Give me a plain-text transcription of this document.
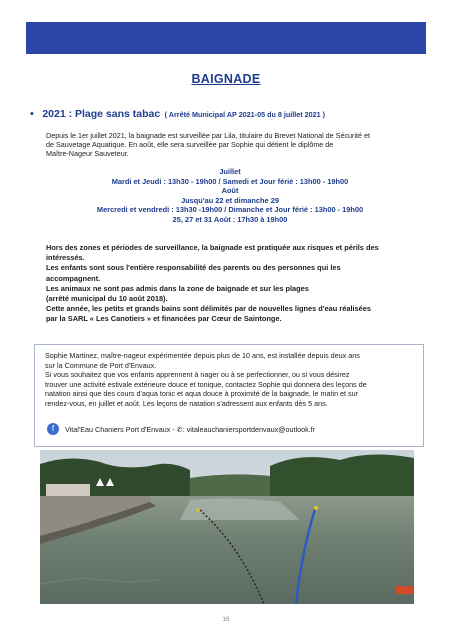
BAIGNADE
• 2021 : Plage sans tabac ( Arrêté Municipal AP 2021-05 du 8 juillet 2021 )
Depuis le 1er juillet 2021, la baignade est surveillée par Lila, titulaire du Brevet National de Sécurité et
de Sauvetage Aquatique. En août, elle sera surveillée par Sophie qui détient le diplôme de
Maître-Nageur Sauveteur.
Juillet
Mardi et Jeudi : 13h30 - 19h00 / Samedi et Jour férié : 13h00 - 19h00
Août
Jusqu'au 22 et dimanche 29
Mercredi et vendredi : 13h30 -19h00 / Dimanche et Jour férié : 13h00 - 19h00
25, 27 et 31 Août : 17h30 à 19h00
Hors des zones et périodes de surveillance, la baignade est pratiquée aux risques et périls des
intéressés.
Les enfants sont sous l'entière responsabilité des parents ou des personnes qui les
accompagnent.
Les animaux ne sont pas admis dans la zone de baignade et sur les plages
(arrêté municipal du 10 août 2018).
Cette année, les petits et grands bains sont délimités par de nouvelles lignes d'eau réalisées
par la SARL « Les Canotiers » et financées par Cœur de Saintonge.
Sophie Martinez, maître-nageur expérimentée depuis plus de 10 ans, est installée depuis deux ans
sur la Commune de Port d'Envaux.
Si vous souhaitez que vos enfants apprennent à nager ou à se perfectionner, ou si vous désirez
trouver une activité estivale extérieure douce et tonique, contactez Sophie qui donnera des leçons de
natation ainsi que des cours d'aqua tonic et aqua douce à proximité de la baignade, le matin et sur
rendez-vous, en juillet et août. Les leçons de natation s'adressent aux enfants dès 5 ans.
f	Vital'Eau Chaniers Port d'Envaux - ✆: vitaleauchaniersportdenvaux@outlook.fr
16
